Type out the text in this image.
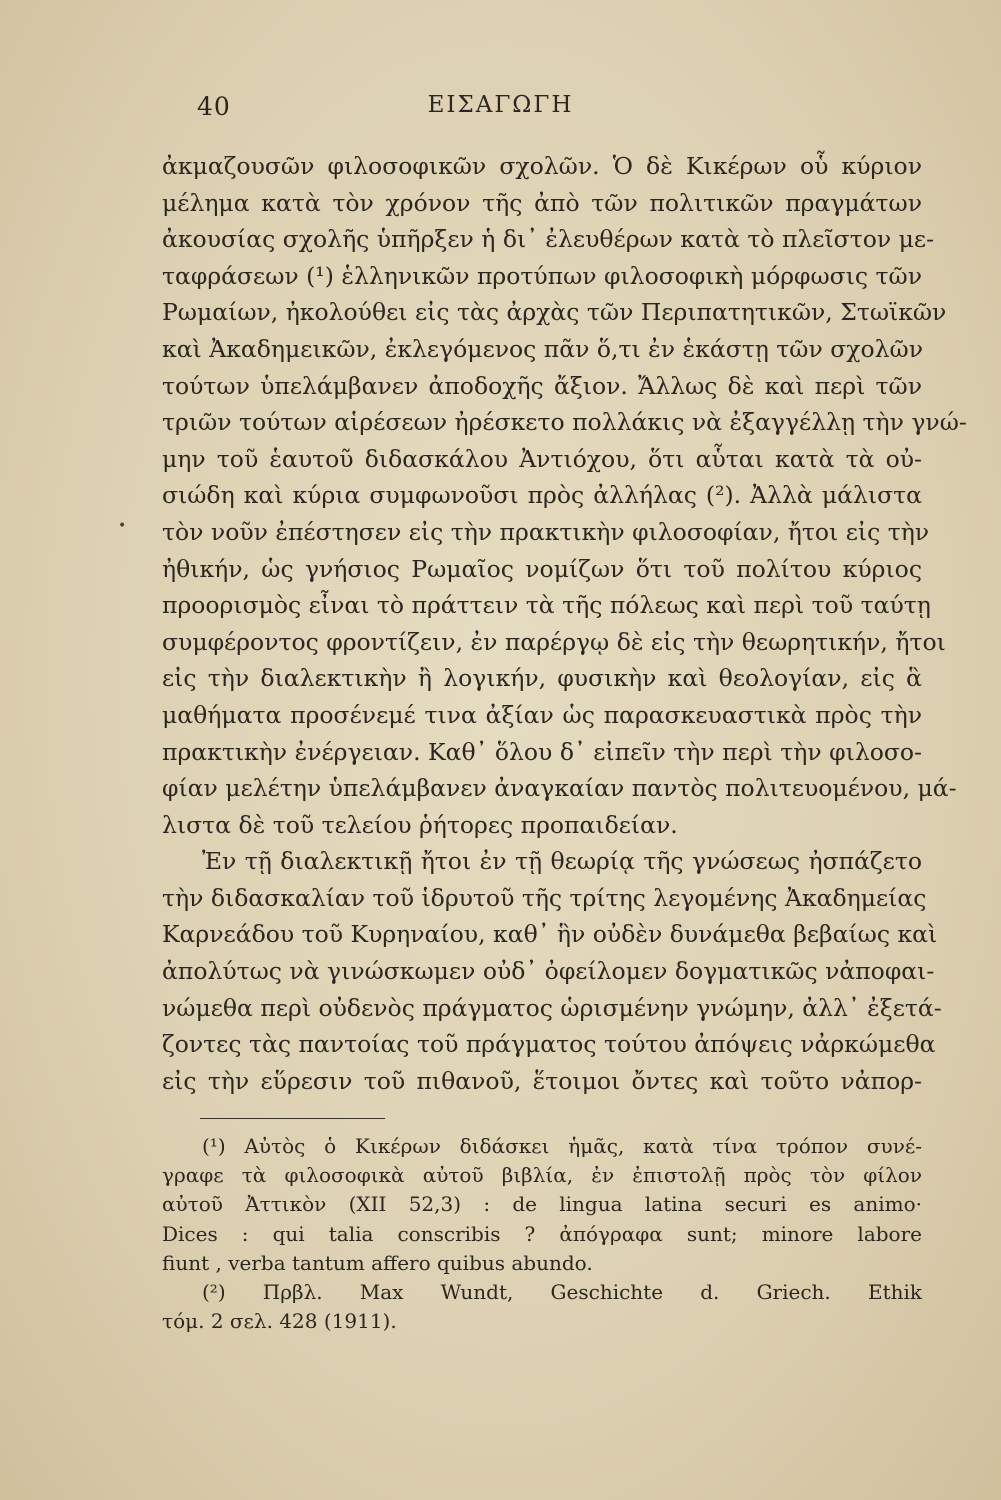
40	ΕΙΣΑΓΩΓΗ
ἀκμαζουσῶν φιλοσοφικῶν σχολῶν. Ὁ δὲ Κικέρων οὗ κύριον
μέλημα κατὰ τὸν χρόνον τῆς ἀπὸ τῶν πολιτικῶν πραγμάτων
ἀκουσίας σχολῆς ὑπῆρξεν ἡ δι᾿ ἐλευθέρων κατὰ τὸ πλεῖστον με-
ταφράσεων (¹) ἑλληνικῶν προτύπων φιλοσοφικὴ μόρφωσις τῶν
Ρωμαίων, ἠκολούθει εἰς τὰς ἀρχὰς τῶν Περιπατητικῶν, Στωϊκῶν
καὶ Ἀκαδημεικῶν, ἐκλεγόμενος πᾶν ὅ,τι ἐν ἑκάστῃ τῶν σχολῶν
τούτων ὑπελάμβανεν ἀποδοχῆς ἄξιον. Ἄλλως δὲ καὶ περὶ τῶν
τριῶν τούτων αἱρέσεων ἠρέσκετο πολλάκις νὰ ἐξαγγέλλῃ τὴν γνώ-
μην τοῦ ἑαυτοῦ διδασκάλου Ἀντιόχου, ὅτι αὗται κατὰ τὰ οὐ-
σιώδη καὶ κύρια συμφωνοῦσι πρὸς ἀλλήλας (²). Ἀλλὰ μάλιστα
τὸν νοῦν ἐπέστησεν εἰς τὴν πρακτικὴν φιλοσοφίαν, ἤτοι εἰς τὴν
ἠθικήν, ὡς γνήσιος Ρωμαῖος νομίζων ὅτι τοῦ πολίτου κύριος
προορισμὸς εἶναι τὸ πράττειν τὰ τῆς πόλεως καὶ περὶ τοῦ ταύτῃ
συμφέροντος φροντίζειν, ἐν παρέργῳ δὲ εἰς τὴν θεωρητικήν, ἤτοι
εἰς τὴν διαλεκτικὴν ἢ λογικήν, φυσικὴν καὶ θεολογίαν, εἰς ἃ
μαθήματα προσένεμέ τινα ἀξίαν ὡς παρασκευαστικὰ πρὸς τὴν
πρακτικὴν ἐνέργειαν. Καθ᾿ ὅλου δ᾿ εἰπεῖν τὴν περὶ τὴν φιλοσο-
φίαν μελέτην ὑπελάμβανεν ἀναγκαίαν παντὸς πολιτευομένου, μά-
λιστα δὲ τοῦ τελείου ῥήτορες προπαιδείαν.
Ἐν τῇ διαλεκτικῇ ἤτοι ἐν τῇ θεωρίᾳ τῆς γνώσεως ἠσπάζετο
τὴν διδασκαλίαν τοῦ ἱδρυτοῦ τῆς τρίτης λεγομένης Ἀκαδημείας
Καρνεάδου τοῦ Κυρηναίου, καθ᾿ ἣν οὐδὲν δυνάμεθα βεβαίως καὶ
ἀπολύτως νὰ γινώσκωμεν οὐδ᾿ ὀφείλομεν δογματικῶς νἀποφαι-
νώμεθα περὶ οὐδενὸς πράγματος ὡρισμένην γνώμην, ἀλλ᾿ ἐξετά-
ζοντες τὰς παντοίας τοῦ πράγματος τούτου ἀπόψεις νἀρκώμεθα
εἰς τὴν εὕρεσιν τοῦ πιθανοῦ, ἕτοιμοι ὄντες καὶ τοῦτο νἀπορ-
(¹) Αὐτὸς ὁ Κικέρων διδάσκει ἡμᾶς, κατὰ τίνα τρόπον συνέ-
γραφε τὰ φιλοσοφικὰ αὐτοῦ βιβλία, ἐν ἐπιστολῇ πρὸς τὸν φίλον
αὐτοῦ Ἀττικὸν (XII 52,3) : de lingua latina securi es animo·
Dices : qui talia conscribis ? ἀπόγραφα sunt; minore labore
fiunt , verba tantum affero quibus abundo.
(²) Πρβλ. Max Wundt, Geschichte d. Griech. Ethik
τόμ. 2 σελ. 428 (1911).
•
